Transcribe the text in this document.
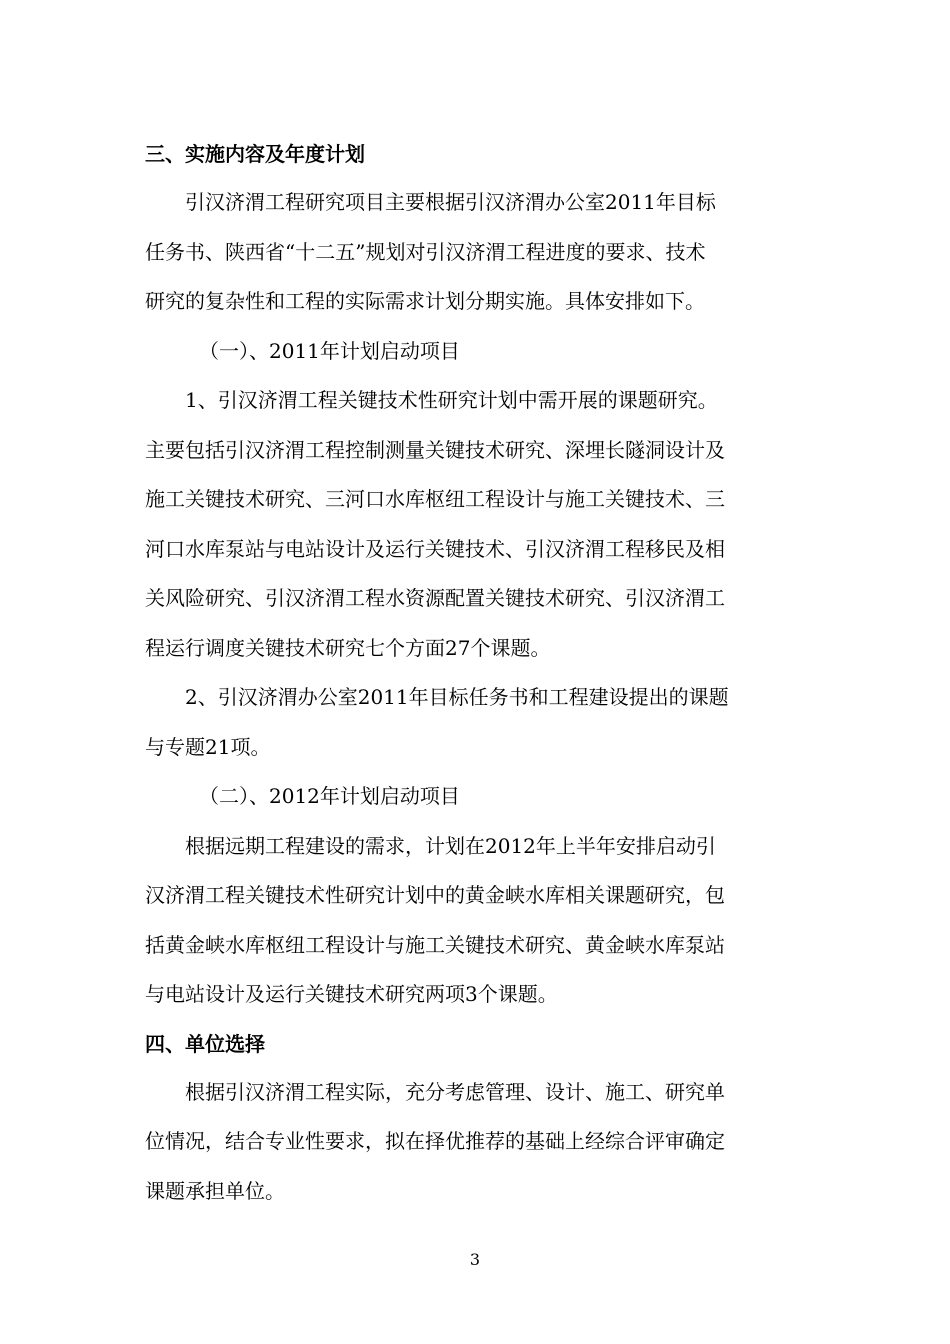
三、实施内容及年度计划

引汉济渭工程研究项目主要根据引汉济渭办公室2011年目标
任务书、陕西省“十二五”规划对引汉济渭工程进度的要求、技术
研究的复杂性和工程的实际需求计划分期实施。具体安排如下。

（一）、2011年计划启动项目

1、引汉济渭工程关键技术性研究计划中需开展的课题研究。
主要包括引汉济渭工程控制测量关键技术研究、深埋长隧洞设计及
施工关键技术研究、三河口水库枢纽工程设计与施工关键技术、三
河口水库泵站与电站设计及运行关键技术、引汉济渭工程移民及相
关风险研究、引汉济渭工程水资源配置关键技术研究、引汉济渭工
程运行调度关键技术研究七个方面27个课题。

2、引汉济渭办公室2011年目标任务书和工程建设提出的课题
与专题21项。

（二）、2012年计划启动项目

根据远期工程建设的需求，计划在2012年上半年安排启动引
汉济渭工程关键技术性研究计划中的黄金峡水库相关课题研究，包
括黄金峡水库枢纽工程设计与施工关键技术研究、黄金峡水库泵站
与电站设计及运行关键技术研究两项3个课题。

四、单位选择

根据引汉济渭工程实际，充分考虑管理、设计、施工、研究单
位情况，结合专业性要求，拟在择优推荐的基础上经综合评审确定
课题承担单位。

3
